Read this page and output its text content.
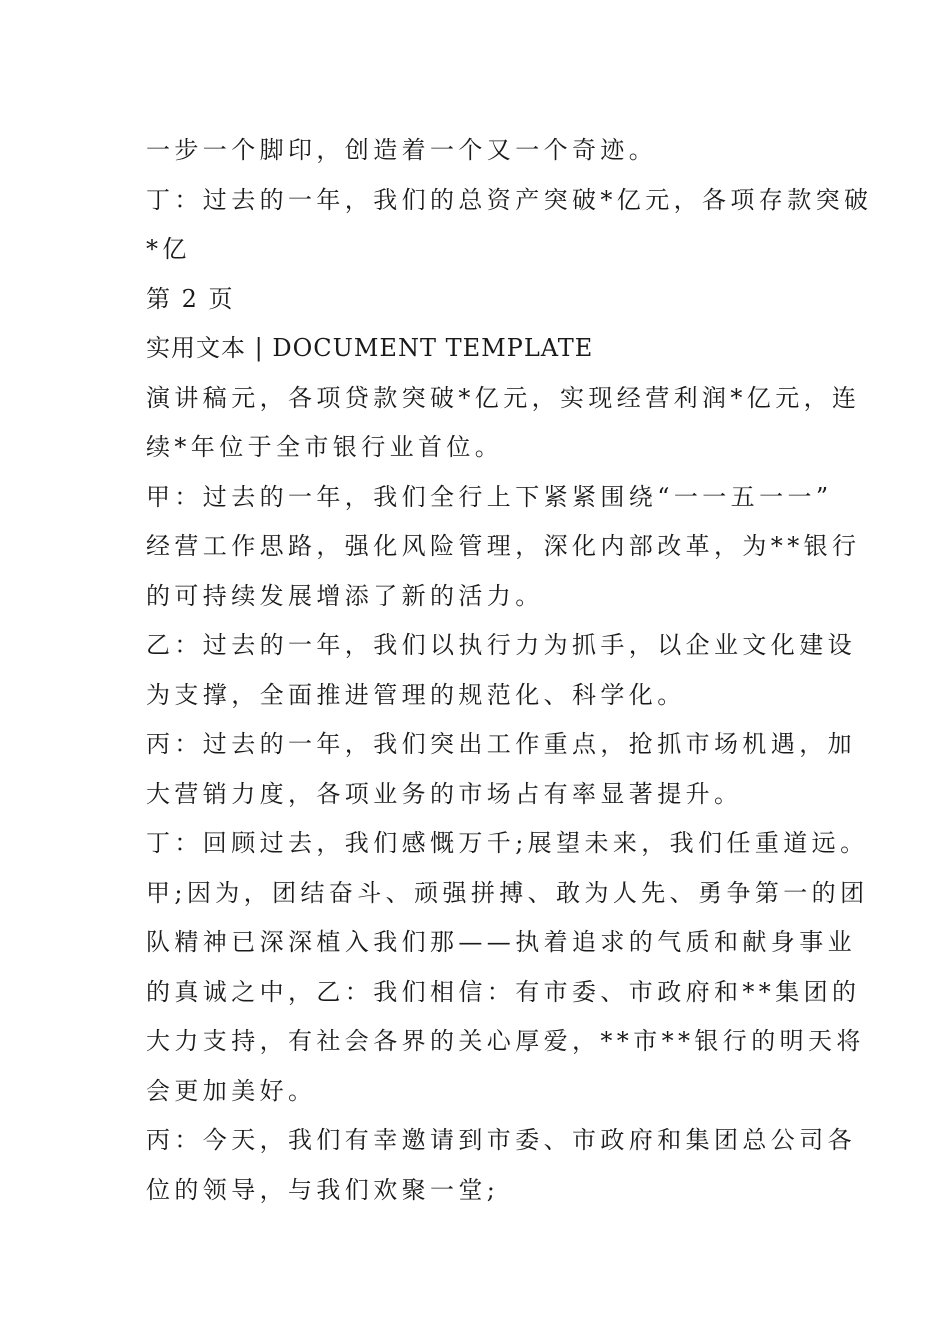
一步一个脚印，创造着一个又一个奇迹。
丁：过去的一年，我们的总资产突破*亿元，各项存款突破
*亿
第 2 页
实用文本 | DOCUMENT TEMPLATE
演讲稿元，各项贷款突破*亿元，实现经营利润*亿元，连
续*年位于全市银行业首位。
甲：过去的一年，我们全行上下紧紧围绕“一一五一一”
经营工作思路，强化风险管理，深化内部改革，为**银行
的可持续发展增添了新的活力。
乙：过去的一年，我们以执行力为抓手，以企业文化建设
为支撑，全面推进管理的规范化、科学化。
丙：过去的一年，我们突出工作重点，抢抓市场机遇，加
大营销力度，各项业务的市场占有率显著提升。
丁：回顾过去，我们感慨万千;展望未来，我们任重道远。
甲;因为，团结奋斗、顽强拼搏、敢为人先、勇争第一的团
队精神已深深植入我们那——执着追求的气质和献身事业
的真诚之中，乙：我们相信：有市委、市政府和**集团的
大力支持，有社会各界的关心厚爱，**市**银行的明天将
会更加美好。
丙：今天，我们有幸邀请到市委、市政府和集团总公司各
位的领导，与我们欢聚一堂;
